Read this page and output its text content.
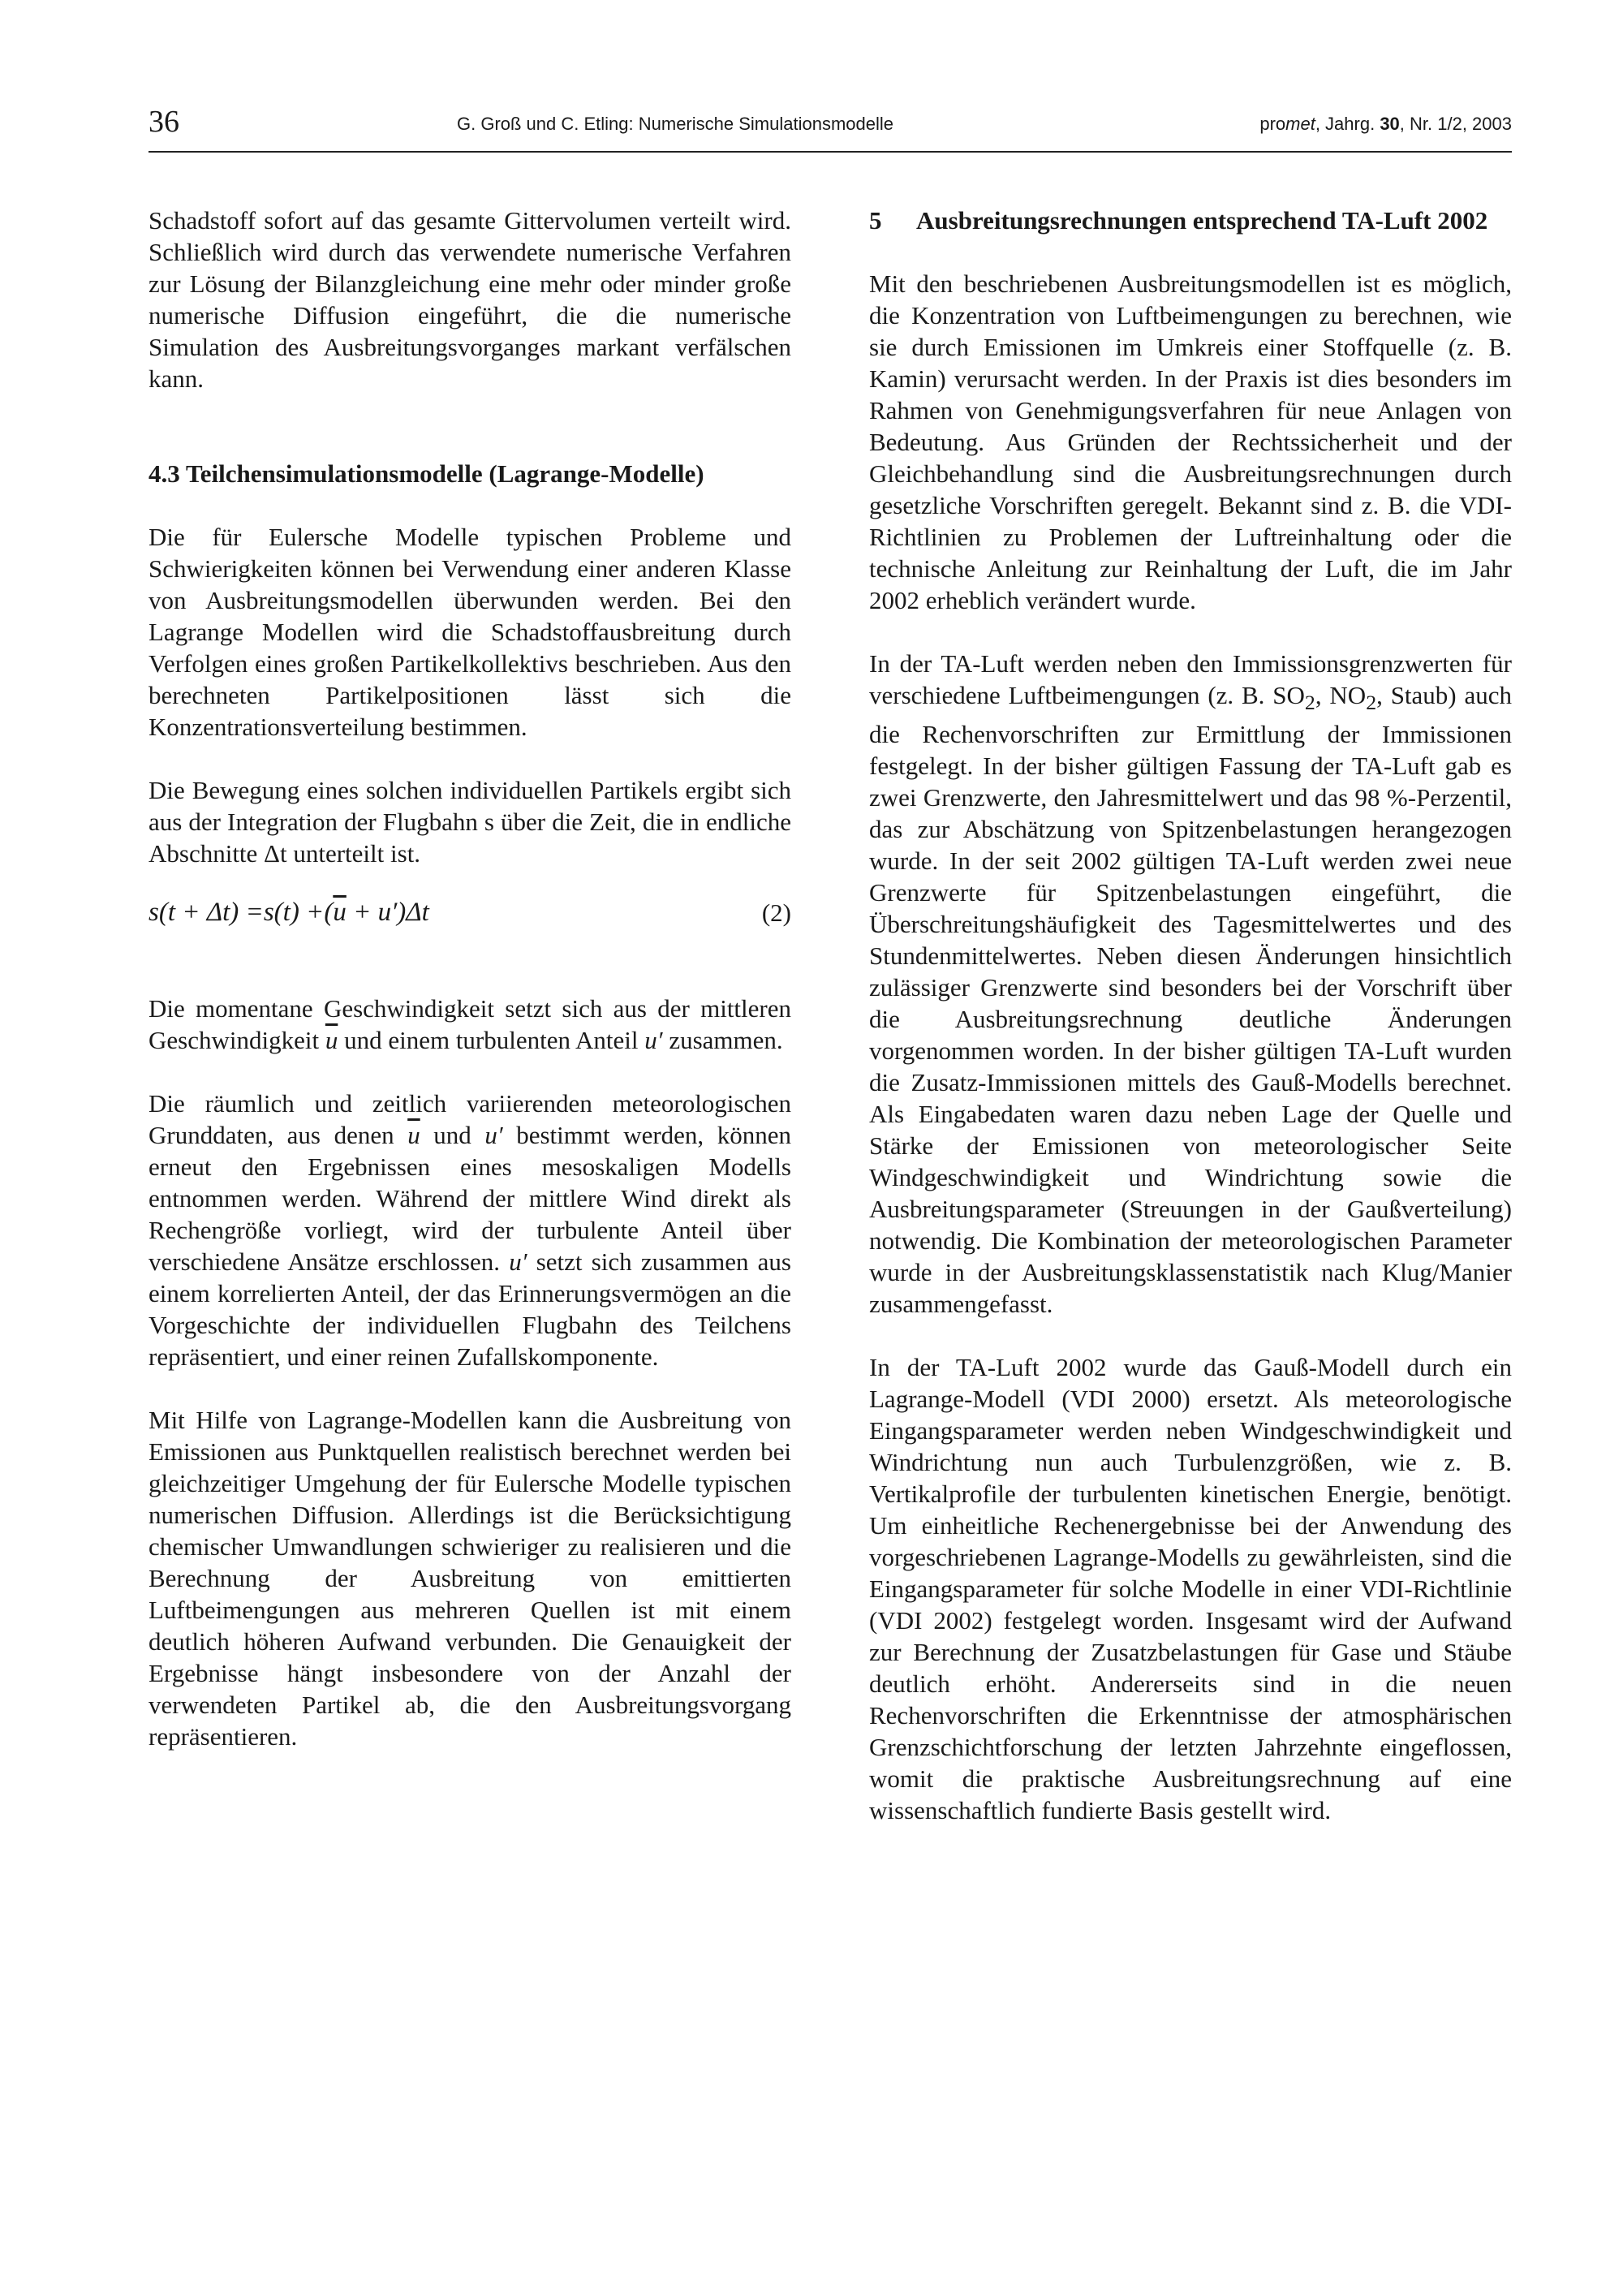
36	G. Groß und C. Etling: Numerische Simulationsmodelle	promet, Jahrg. 30, Nr. 1/2, 2003

Schadstoff sofort auf das gesamte Gittervolumen verteilt wird. Schließlich wird durch das verwendete numerische Verfahren zur Lösung der Bilanzgleichung eine mehr oder minder große numerische Diffusion eingeführt, die die numerische Simulation des Ausbreitungsvorganges markant verfälschen kann.

4.3 Teilchensimulationsmodelle (Lagrange-Modelle)

Die für Eulersche Modelle typischen Probleme und Schwierigkeiten können bei Verwendung einer anderen Klasse von Ausbreitungsmodellen überwunden werden. Bei den Lagrange Modellen wird die Schadstoffausbreitung durch Verfolgen eines großen Partikelkollektivs beschrieben. Aus den berechneten Partikelpositionen lässt sich die Konzentrationsverteilung bestimmen.

Die Bewegung eines solchen individuellen Partikels ergibt sich aus der Integration der Flugbahn s über die Zeit, die in endliche Abschnitte Δt unterteilt ist.

$s(t + \Delta t) =s(t) +(\overline{u} + u')\Delta t$	(2)

Die momentane Geschwindigkeit setzt sich aus der mittleren Geschwindigkeit $\overline{u}$ und einem turbulenten Anteil u′ zusammen.

Die räumlich und zeitlich variierenden meteorologischen Grunddaten, aus denen $\overline{u}$ und u′ bestimmt werden, können erneut den Ergebnissen eines mesoskaligen Modells entnommen werden. Während der mittlere Wind direkt als Rechengröße vorliegt, wird der turbulente Anteil über verschiedene Ansätze erschlossen. u′ setzt sich zusammen aus einem korrelierten Anteil, der das Erinnerungsvermögen an die Vorgeschichte der individuellen Flugbahn des Teilchens repräsentiert, und einer reinen Zufallskomponente.

Mit Hilfe von Lagrange-Modellen kann die Ausbreitung von Emissionen aus Punktquellen realistisch berechnet werden bei gleichzeitiger Umgehung der für Eulersche Modelle typischen numerischen Diffusion. Allerdings ist die Berücksichtigung chemischer Umwandlungen schwieriger zu realisieren und die Berechnung der Ausbreitung von emittierten Luftbeimengungen aus mehreren Quellen ist mit einem deutlich höheren Aufwand verbunden. Die Genauigkeit der Ergebnisse hängt insbesondere von der Anzahl der verwendeten Partikel ab, die den Ausbreitungsvorgang repräsentieren.

5	Ausbreitungsrechnungen entsprechend TA-Luft 2002

Mit den beschriebenen Ausbreitungsmodellen ist es möglich, die Konzentration von Luftbeimengungen zu berechnen, wie sie durch Emissionen im Umkreis einer Stoffquelle (z. B. Kamin) verursacht werden. In der Praxis ist dies besonders im Rahmen von Genehmigungsverfahren für neue Anlagen von Bedeutung. Aus Gründen der Rechtssicherheit und der Gleichbehandlung sind die Ausbreitungsrechnungen durch gesetzliche Vorschriften geregelt. Bekannt sind z. B. die VDI-Richtlinien zu Problemen der Luftreinhaltung oder die technische Anleitung zur Reinhaltung der Luft, die im Jahr 2002 erheblich verändert wurde.

In der TA-Luft werden neben den Immissionsgrenzwerten für verschiedene Luftbeimengungen (z. B. $SO_2$, $NO_2$, Staub) auch die Rechenvorschriften zur Ermittlung der Immissionen festgelegt. In der bisher gültigen Fassung der TA-Luft gab es zwei Grenzwerte, den Jahresmittelwert und das 98 %-Perzentil, das zur Abschätzung von Spitzenbelastungen herangezogen wurde. In der seit 2002 gültigen TA-Luft werden zwei neue Grenzwerte für Spitzenbelastungen eingeführt, die Überschreitungshäufigkeit des Tagesmittelwertes und des Stundenmittelwertes. Neben diesen Änderungen hinsichtlich zulässiger Grenzwerte sind besonders bei der Vorschrift über die Ausbreitungsrechnung deutliche Änderungen vorgenommen worden. In der bisher gültigen TA-Luft wurden die Zusatz-Immissionen mittels des Gauß-Modells berechnet. Als Eingabedaten waren dazu neben Lage der Quelle und Stärke der Emissionen von meteorologischer Seite Windgeschwindigkeit und Windrichtung sowie die Ausbreitungsparameter (Streuungen in der Gaußverteilung) notwendig. Die Kombination der meteorologischen Parameter wurde in der Ausbreitungsklassenstatistik nach Klug/Manier zusammengefasst.

In der TA-Luft 2002 wurde das Gauß-Modell durch ein Lagrange-Modell (VDI 2000) ersetzt. Als meteorologische Eingangsparameter werden neben Windgeschwindigkeit und Windrichtung nun auch Turbulenzgrößen, wie z. B. Vertikalprofile der turbulenten kinetischen Energie, benötigt. Um einheitliche Rechenergebnisse bei der Anwendung des vorgeschriebenen Lagrange-Modells zu gewährleisten, sind die Eingangsparameter für solche Modelle in einer VDI-Richtlinie (VDI 2002) festgelegt worden. Insgesamt wird der Aufwand zur Berechnung der Zusatzbelastungen für Gase und Stäube deutlich erhöht. Andererseits sind in die neuen Rechenvorschriften die Erkenntnisse der atmosphärischen Grenzschichtforschung der letzten Jahrzehnte eingeflossen, womit die praktische Ausbreitungsrechnung auf eine wissenschaftlich fundierte Basis gestellt wird.
